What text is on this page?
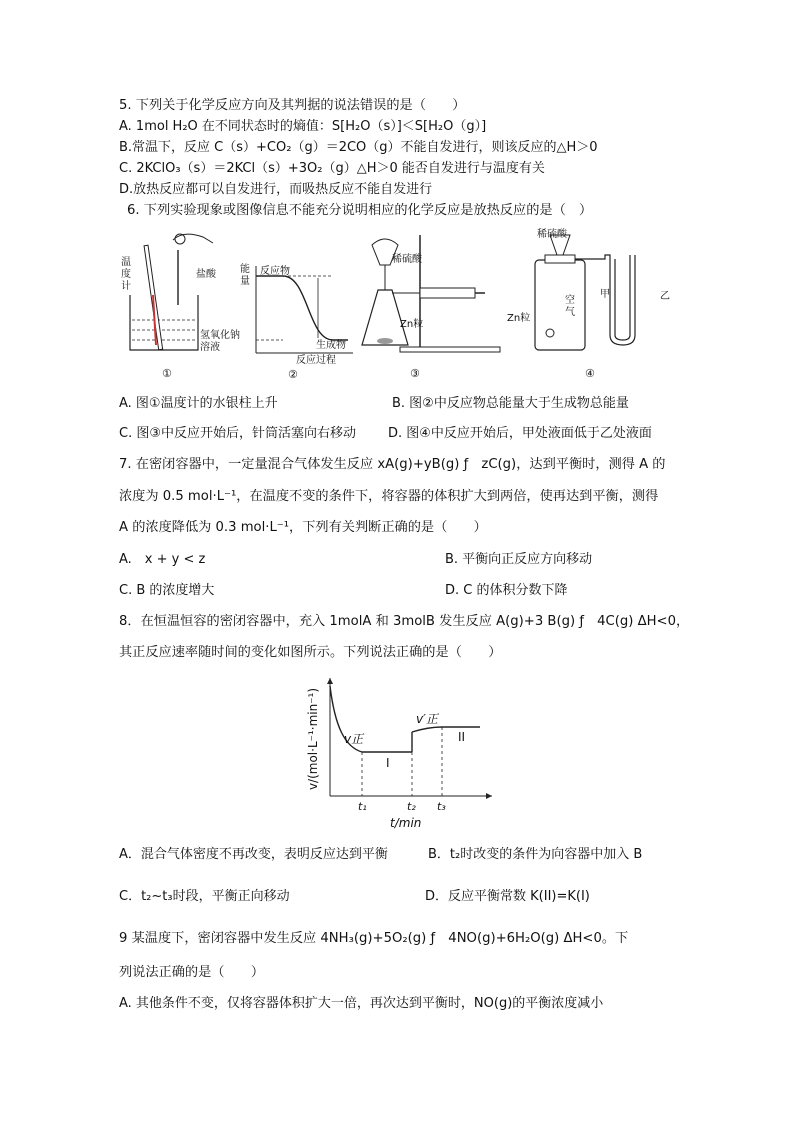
5. 下列关于化学反应方向及其判据的说法错误的是（　　）
A. 1mol H₂O 在不同状态时的熵值：S[H₂O（s）]＜S[H₂O（g）]
B.常温下，反应 C（s）+CO₂（g）＝2CO（g）不能自发进行，则该反应的△H＞0
C. 2KClO₃（s）＝2KCl（s）+3O₂（g）△H＞0 能否自发进行与温度有关
D.放热反应都可以自发进行，而吸热反应不能自发进行
6. 下列实验现象或图像信息不能充分说明相应的化学反应是放热反应的是（　）
温度计
盐酸
氢氧化钠溶液
①
能量
反应物
生成物
反应过程
②
稀硫酸
Zn粒
③
稀硫酸
Zn粒
空气
甲	乙
④
A. 图①温度计的水银柱上升	B. 图②中反应物总能量大于生成物总能量
C. 图③中反应开始后，针筒活塞向右移动 D. 图④中反应开始后，甲处液面低于乙处液面
7. 在密闭容器中，一定量混合气体发生反应 xA(g)+yB(g) ƒ　zC(g)，达到平衡时，测得 A 的
浓度为 0.5 mol·L⁻¹，在温度不变的条件下，将容器的体积扩大到两倍，使再达到平衡，测得
A 的浓度降低为 0.3 mol·L⁻¹，下列有关判断正确的是（　　）
A.　x + y < z	B. 平衡向正反应方向移动
C. B 的浓度增大	D. C 的体积分数下降
8．在恒温恒容的密闭容器中，充入 1molA 和 3molB 发生反应 A(g)+3 B(g) ƒ　4C(g) ΔH<0，
其正反应速率随时间的变化如图所示。下列说法正确的是（　　）
v/(mol·L⁻¹·min⁻¹)
t/min
v正
v′正
I
II
t₁	t₂ t₃
A．混合气体密度不再改变，表明反应达到平衡	B．t₂时改变的条件为向容器中加入 B
C．t₂~t₃时段，平衡正向移动	D．反应平衡常数 K(II)=K(I)
9 某温度下，密闭容器中发生反应 4NH₃(g)+5O₂(g) ƒ　4NO(g)+6H₂O(g) ΔH<0。下
列说法正确的是（　　）
A. 其他条件不变，仅将容器体积扩大一倍，再次达到平衡时，NO(g)的平衡浓度减小
